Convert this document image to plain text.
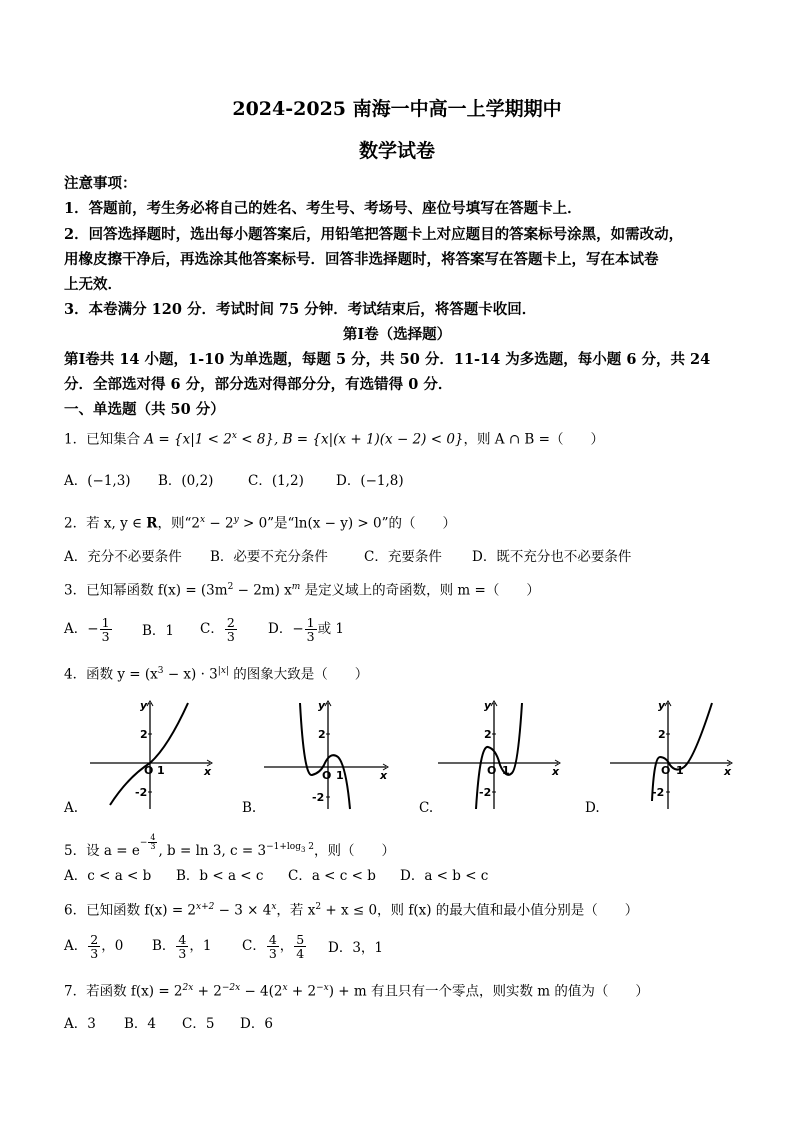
2024-2025 南海一中高一上学期期中
数学试卷
注意事项：
1．答题前，考生务必将自己的姓名、考生号、考场号、座位号填写在答题卡上．
2．回答选择题时，选出每小题答案后，用铅笔把答题卡上对应题目的答案标号涂黑，如需改动，
用橡皮擦干净后，再选涂其他答案标号．回答非选择题时，将答案写在答题卡上，写在本试卷
上无效．
3．本卷满分 120 分．考试时间 75 分钟．考试结束后，将答题卡收回．
第Ⅰ卷（选择题）
第Ⅰ卷共 14 小题，1-10 为单选题，每题 5 分，共 50 分．11-14 为多选题，每小题 6 分，共 24
分．全部选对得 6 分，部分选对得部分分，有选错得 0 分．
一、单选题（共 50 分）
1．已知集合 $A = \{x|1 < 2^x < 8\}$, B = {x|(x + 1)(x − 2) < 0}，则 A ∩ B =（　　）
A．(−1,3) B．(0,2)	C．(1,2) D．(−1,8)
2．若 x, y ∈ R，则“$2^x - 2^y > 0$”是“ln(x − y) > 0”的（　　）
A．充分不必要条件 B．必要不充分条件	C．充要条件 D．既不充分也不必要条件
3．已知幂函数 $f(x) = (3m^2 - 2m)$ $x^m$ 是定义域上的奇函数，则 m =（　　）
A．− $\frac{1}{3}$ B．1 C． $\frac{2}{3}$ D．− $\frac{1}{3}$ 或 1
4．函数 $y = (x^3 - x) \cdot 3^{|x|}$ 的图象大致是（　　）
y
x
2
-2
O 1
A.
y
x
2
-2
O 1
B.
y
x
2
-2
O 1
C.
y
x
2
-2
O 1
D.
5．设 $a = e^{- \frac{4}{3}}$ , b = ln 3, $c = 3^{-1+log_3 2}$，则（　　）
A．c < a < b B．b < a < c C．a < c < b D．a < b < c
6．已知函数 $f(x) = 2^{x+2} - 3 \times 4^x$，若 $x^2 + x \le 0$，则 f(x) 的最大值和最小值分别是（　　）
A． $\frac{2}{3}$ ，0 B． $\frac{4}{3}$ ，1 C． $\frac{4}{3}$ ， $\frac{5}{4}$ D．3，1
7．若函数 $f(x) = 2^{2x} + 2^{-2x} - 4(2^x + 2^{-x}) + m$ 有且只有一个零点，则实数 m 的值为（　　）
A．3 B．4 C．5 D．6
